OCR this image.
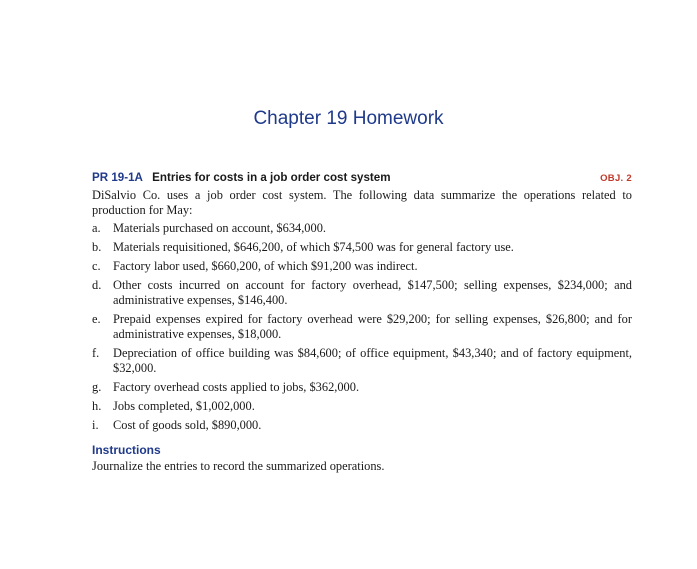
Chapter 19 Homework
PR 19-1A Entries for costs in a job order cost system	OBJ. 2
DiSalvio Co. uses a job order cost system. The following data summarize the operations related to production for May:
a. Materials purchased on account, $634,000.
b. Materials requisitioned, $646,200, of which $74,500 was for general factory use.
c. Factory labor used, $660,200, of which $91,200 was indirect.
d. Other costs incurred on account for factory overhead, $147,500; selling expenses, $234,000; and administrative expenses, $146,400.
e. Prepaid expenses expired for factory overhead were $29,200; for selling expenses, $26,800; and for administrative expenses, $18,000.
f.	Depreciation of office building was $84,600; of office equipment, $43,340; and of factory equipment, $32,000.
g. Factory overhead costs applied to jobs, $362,000.
h. Jobs completed, $1,002,000.
i.	Cost of goods sold, $890,000.
Instructions
Journalize the entries to record the summarized operations.
